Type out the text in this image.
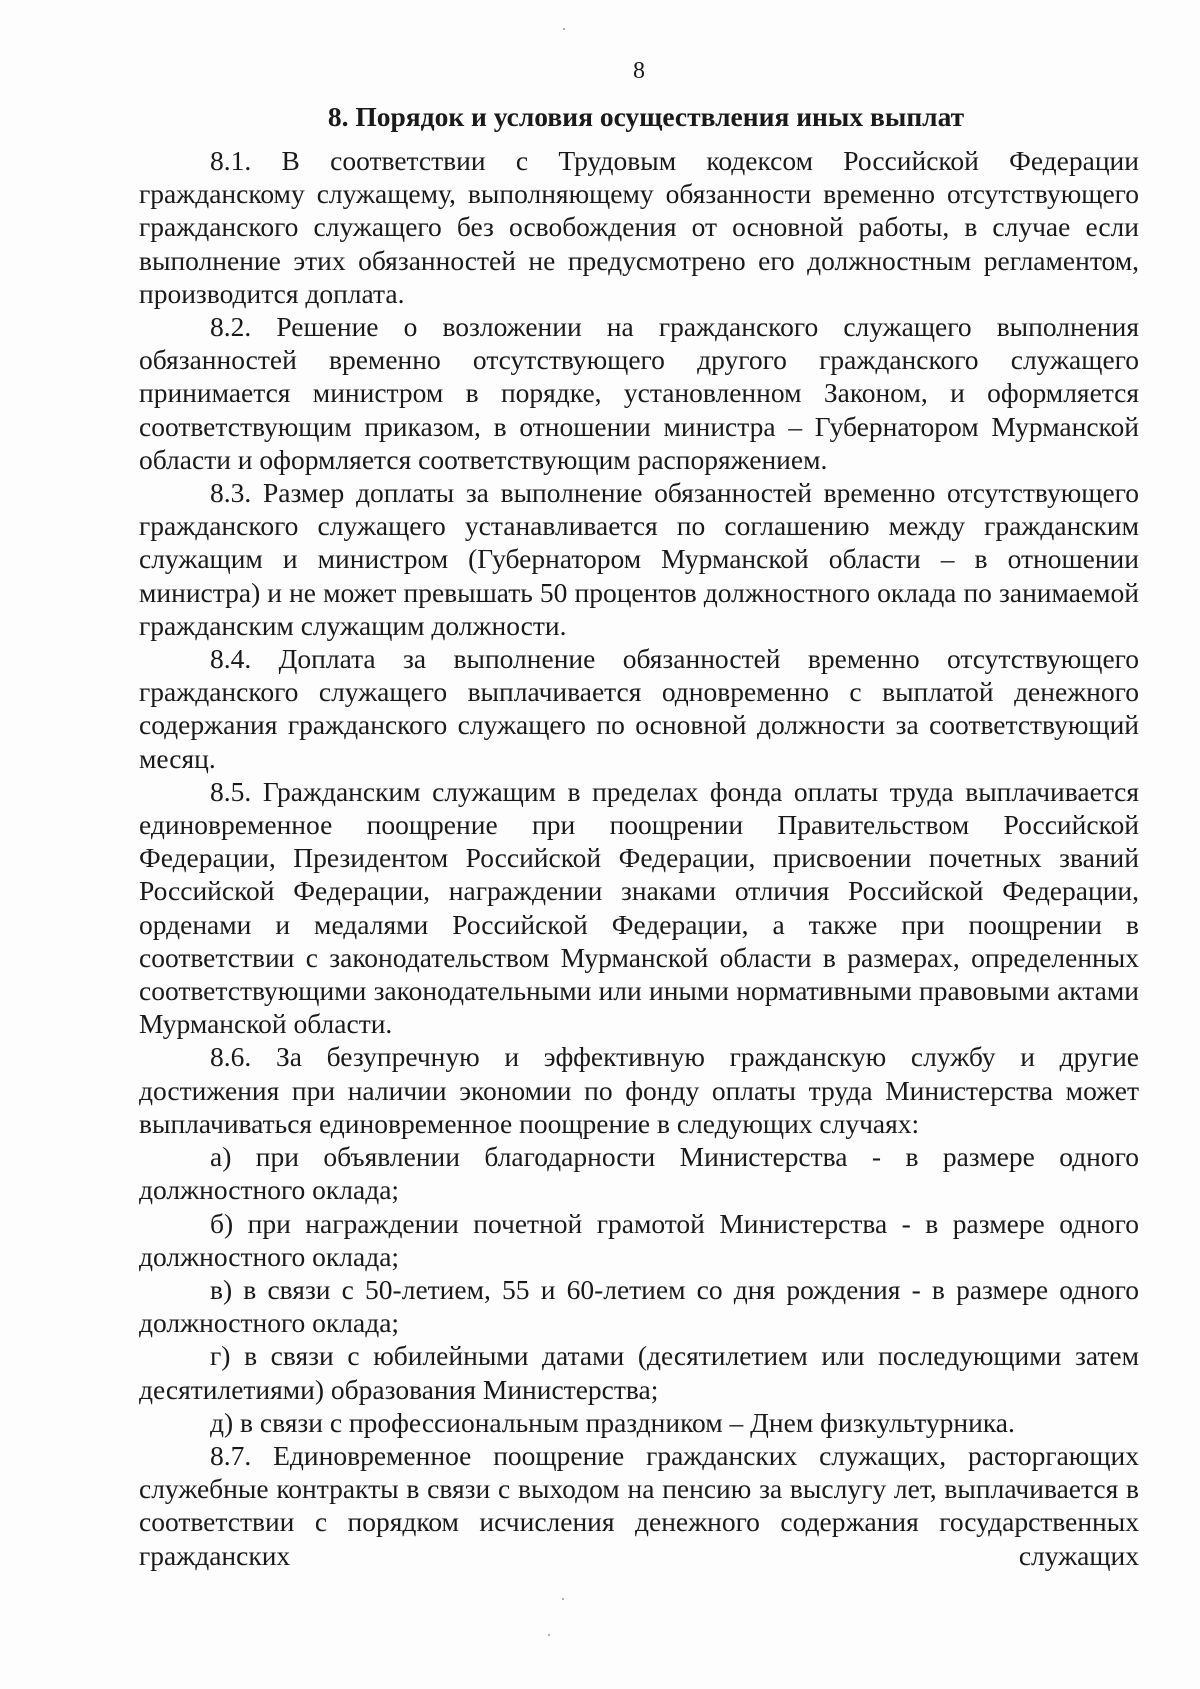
8
8. Порядок и условия осуществления иных выплат

8.1. В соответствии с Трудовым кодексом Российской Федерации гражданскому служащему, выполняющему обязанности временно отсутствующего гражданского служащего без освобождения от основной работы, в случае если выполнение этих обязанностей не предусмотрено его должностным регламентом, производится доплата.

8.2. Решение о возложении на гражданского служащего выполнения обязанностей временно отсутствующего другого гражданского служащего принимается министром в порядке, установленном Законом, и оформляется соответствующим приказом, в отношении министра – Губернатором Мурманской области и оформляется соответствующим распоряжением.

8.3. Размер доплаты за выполнение обязанностей временно отсутствующего гражданского служащего устанавливается по соглашению между гражданским служащим и министром (Губернатором Мурманской области – в отношении министра) и не может превышать 50 процентов должностного оклада по занимаемой гражданским служащим должности.

8.4. Доплата за выполнение обязанностей временно отсутствующего гражданского служащего выплачивается одновременно с выплатой денежного содержания гражданского служащего по основной должности за соответствующий месяц.

8.5. Гражданским служащим в пределах фонда оплаты труда выплачивается единовременное поощрение при поощрении Правительством Российской Федерации, Президентом Российской Федерации, присвоении почетных званий Российской Федерации, награждении знаками отличия Российской Федерации, орденами и медалями Российской Федерации, а также при поощрении в соответствии с законодательством Мурманской области в размерах, определенных соответствующими законодательными или иными нормативными правовыми актами Мурманской области.

8.6. За безупречную и эффективную гражданскую службу и другие достижения при наличии экономии по фонду оплаты труда Министерства может выплачиваться единовременное поощрение в следующих случаях:

а) при объявлении благодарности Министерства - в размере одного должностного оклада;

б) при награждении почетной грамотой Министерства - в размере одного должностного оклада;

в) в связи с 50-летием, 55 и 60-летием со дня рождения - в размере одного должностного оклада;

г) в связи с юбилейными датами (десятилетием или последующими затем десятилетиями) образования Министерства;

д) в связи с профессиональным праздником – Днем физкультурника.

8.7. Единовременное поощрение гражданских служащих, расторгающих служебные контракты в связи с выходом на пенсию за выслугу лет, выплачивается в соответствии с порядком исчисления денежного содержания государственных гражданских служащих
